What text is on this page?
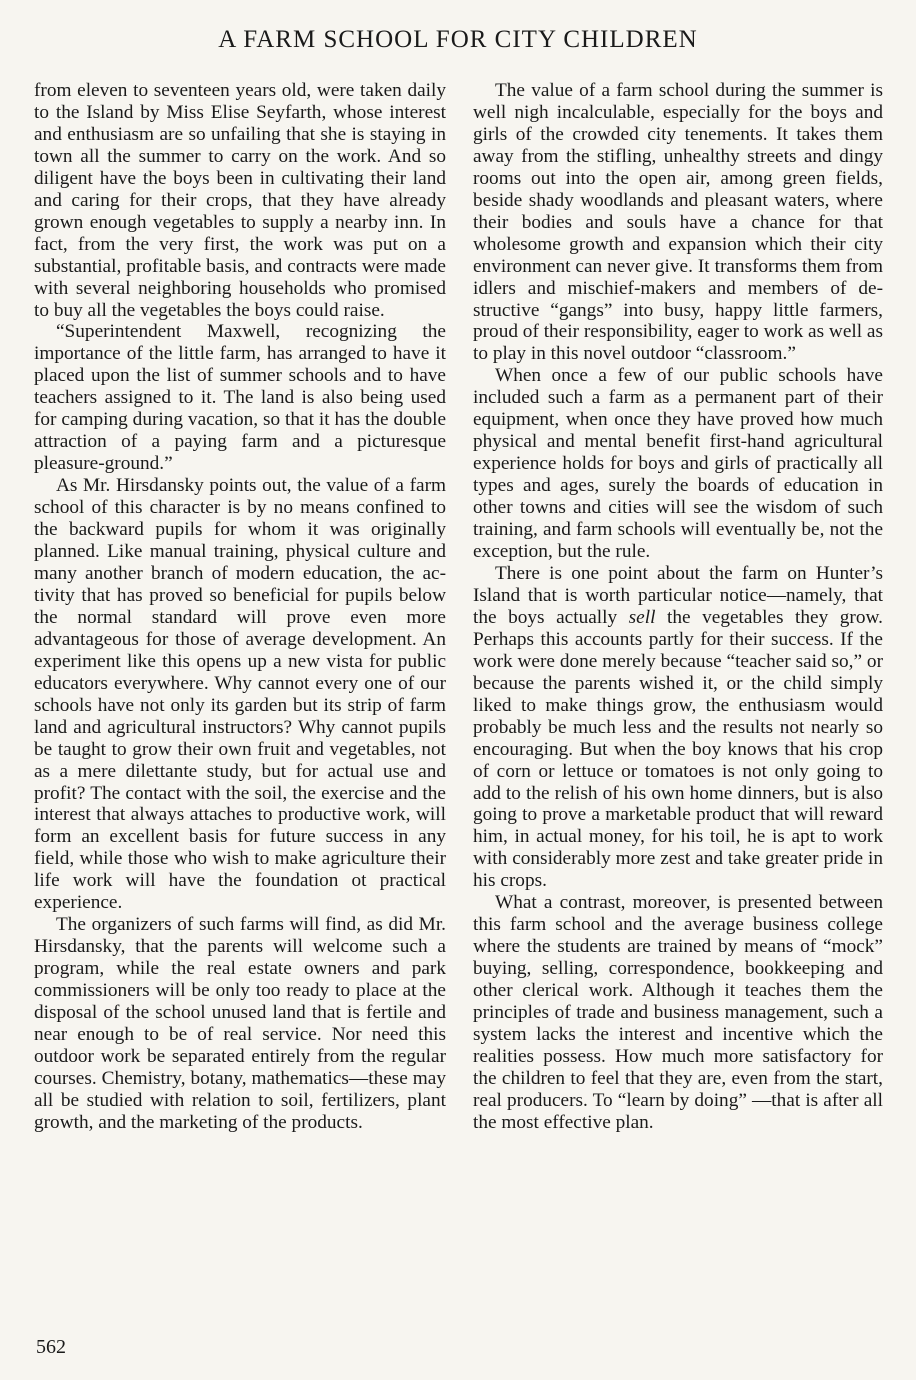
A FARM SCHOOL FOR CITY CHILDREN

from eleven to seventeen years old, were taken daily to the Island by Miss Elise Seyfarth, whose interest and enthusiasm are so unfailing that she is staying in town all the summer to carry on the work. And so diligent have the boys been in cultivating their land and caring for their crops, that they have already grown enough vegetables to supply a nearby inn. In fact, from the very first, the work was put on a substantial, profitable basis, and contracts were made with several neighboring households who promised to buy all the vegetables the boys could raise.

“Superintendent Maxwell, recognizing the importance of the little farm, has arranged to have it placed upon the list of summer schools and to have teachers assigned to it. The land is also being used for camping during vacation, so that it has the double attraction of a paying farm and a picturesque pleasure-ground.”

As Mr. Hirsdansky points out, the value of a farm school of this character is by no means confined to the backward pupils for whom it was originally planned. Like manual training, physical culture and many another branch of modern education, the activity that has proved so beneficial for pupils below the normal standard will prove even more advantageous for those of average development. An experiment like this opens up a new vista for public educators everywhere. Why cannot every one of our schools have not only its garden but its strip of farm land and agricultural instructors? Why cannot pupils be taught to grow their own fruit and vegetables, not as a mere dilettante study, but for actual use and profit? The contact with the soil, the exercise and the interest that always attaches to productive work, will form an excellent basis for future success in any field, while those who wish to make agriculture their life work will have the foundation ot practical experience.

The organizers of such farms will find, as did Mr. Hirsdansky, that the parents will welcome such a program, while the real estate owners and park commissioners will be only too ready to place at the disposal of the school unused land that is fertile and near enough to be of real service. Nor need this outdoor work be separated entirely from the regular courses. Chemistry, botany, mathematics—these may all be studied with relation to soil, fertilizers, plant growth, and the marketing of the products.

The value of a farm school during the summer is well nigh incalculable, especially for the boys and girls of the crowded city tenements. It takes them away from the stifling, unhealthy streets and dingy rooms out into the open air, among green fields, beside shady woodlands and pleasant waters, where their bodies and souls have a chance for that wholesome growth and expansion which their city environment can never give. It transforms them from idlers and mischief-makers and members of destructive “gangs” into busy, happy little farmers, proud of their responsibility, eager to work as well as to play in this novel outdoor “classroom.”

When once a few of our public schools have included such a farm as a permanent part of their equipment, when once they have proved how much physical and mental benefit first-hand agricultural experience holds for boys and girls of practically all types and ages, surely the boards of education in other towns and cities will see the wisdom of such training, and farm schools will eventually be, not the exception, but the rule.

There is one point about the farm on Hunter’s Island that is worth particular notice—namely, that the boys actually sell the vegetables they grow. Perhaps this accounts partly for their success. If the work were done merely because “teacher said so,” or because the parents wished it, or the child simply liked to make things grow, the enthusiasm would probably be much less and the results not nearly so encouraging. But when the boy knows that his crop of corn or lettuce or tomatoes is not only going to add to the relish of his own home dinners, but is also going to prove a marketable product that will reward him, in actual money, for his toil, he is apt to work with considerably more zest and take greater pride in his crops.

What a contrast, moreover, is presented between this farm school and the average business college where the students are trained by means of “mock” buying, selling, correspondence, bookkeeping and other clerical work. Although it teaches them the principles of trade and business management, such a system lacks the interest and incentive which the realities possess. How much more satisfactory for the children to feel that they are, even from the start, real producers. To “learn by doing” —that is after all the most effective plan.

562
